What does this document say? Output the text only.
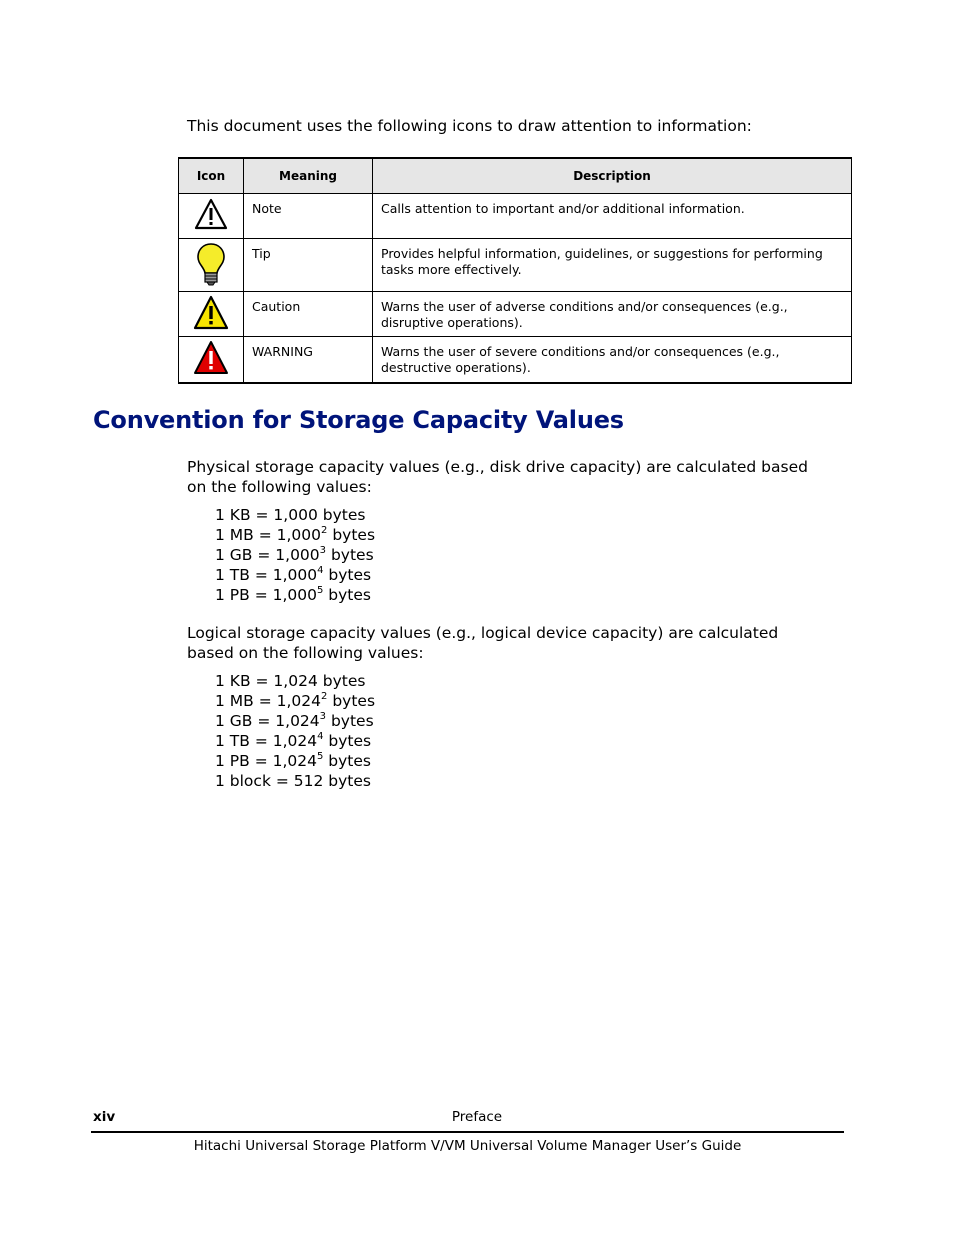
This document uses the following icons to draw attention to information:
Icon	Meaning	Description
	Note	Calls attention to important and/or additional information.
	Tip	Provides helpful information, guidelines, or suggestions for performing tasks more effectively.
	Caution	Warns the user of adverse conditions and/or consequences (e.g., disruptive operations).
	WARNING	Warns the user of severe conditions and/or consequences (e.g., destructive operations).
Convention for Storage Capacity Values
Physical storage capacity values (e.g., disk drive capacity) are calculated based on the following values:
1 KB = 1,000 bytes
1 MB = $1,000^2$ bytes
1 GB = $1,000^3$ bytes
1 TB = $1,000^4$ bytes
1 PB = $1,000^5$ bytes
Logical storage capacity values (e.g., logical device capacity) are calculated based on the following values:
1 KB = 1,024 bytes
1 MB = $1,024^2$ bytes
1 GB = $1,024^3$ bytes
1 TB = $1,024^4$ bytes
1 PB = $1,024^5$ bytes
1 block = 512 bytes
Preface
xiv
Hitachi Universal Storage Platform V/VM Universal Volume Manager User’s Guide
